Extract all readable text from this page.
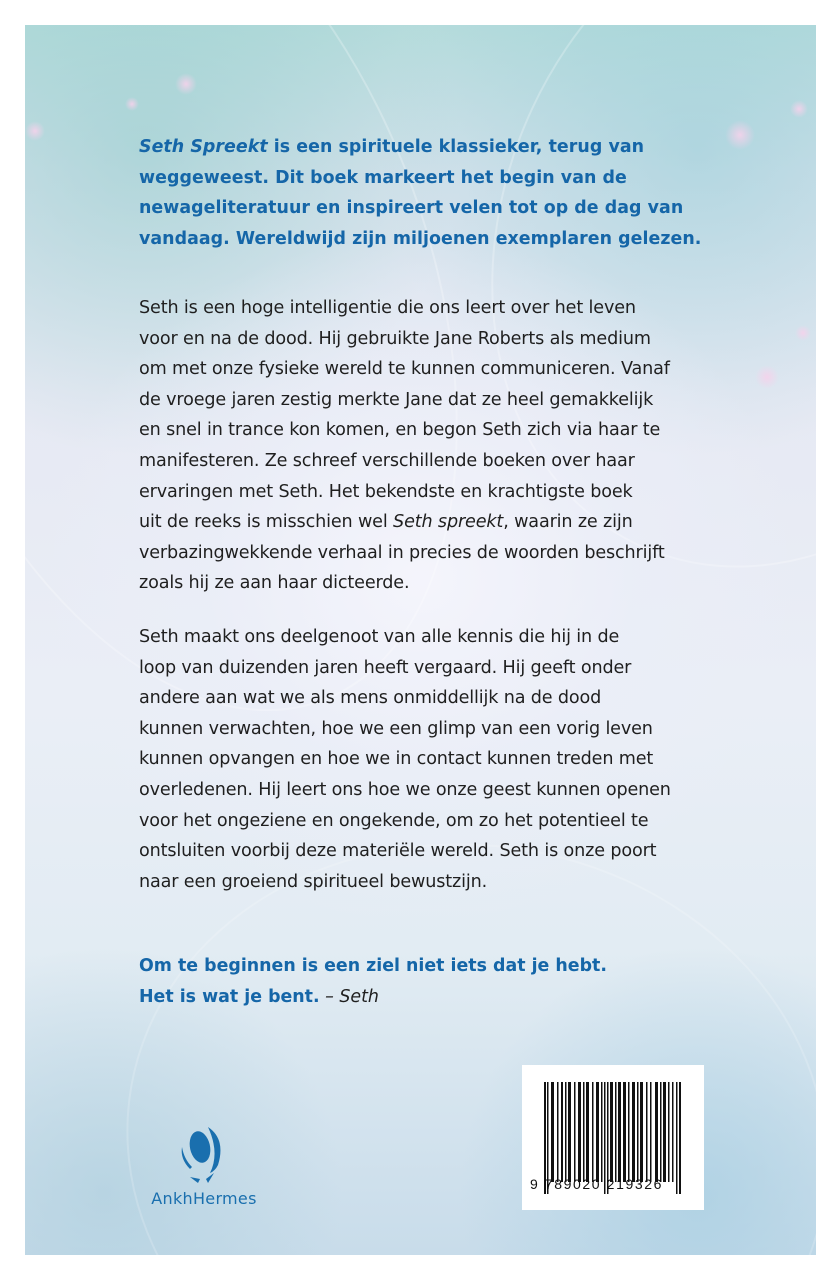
Seth Spreekt is een spirituele klassieker, terug van
weggeweest. Dit boek markeert het begin van de
newageliteratuur en inspireert velen tot op de dag van
vandaag. Wereldwijd zijn miljoenen exemplaren gelezen.
Seth is een hoge intelligentie die ons leert over het leven
voor en na de dood. Hij gebruikte Jane Roberts als medium
om met onze fysieke wereld te kunnen communiceren. Vanaf
de vroege jaren zestig merkte Jane dat ze heel gemakkelijk
en snel in trance kon komen, en begon Seth zich via haar te
manifesteren. Ze schreef verschillende boeken over haar
ervaringen met Seth. Het bekendste en krachtigste boek
uit de reeks is misschien wel Seth spreekt, waarin ze zijn
verbazingwekkende verhaal in precies de woorden beschrijft
zoals hij ze aan haar dicteerde.
Seth maakt ons deelgenoot van alle kennis die hij in de
loop van duizenden jaren heeft vergaard. Hij geeft onder
andere aan wat we als mens onmiddellijk na de dood
kunnen verwachten, hoe we een glimp van een vorig leven
kunnen opvangen en hoe we in contact kunnen treden met
overledenen. Hij leert ons hoe we onze geest kunnen openen
voor het ongeziene en ongekende, om zo het potentieel te
ontsluiten voorbij deze materiële wereld. Seth is onze poort
naar een groeiend spiritueel bewustzijn.
Om te beginnen is een ziel niet iets dat je hebt.
Het is wat je bent. – Seth
AnkhHermes
9 789020 219326
